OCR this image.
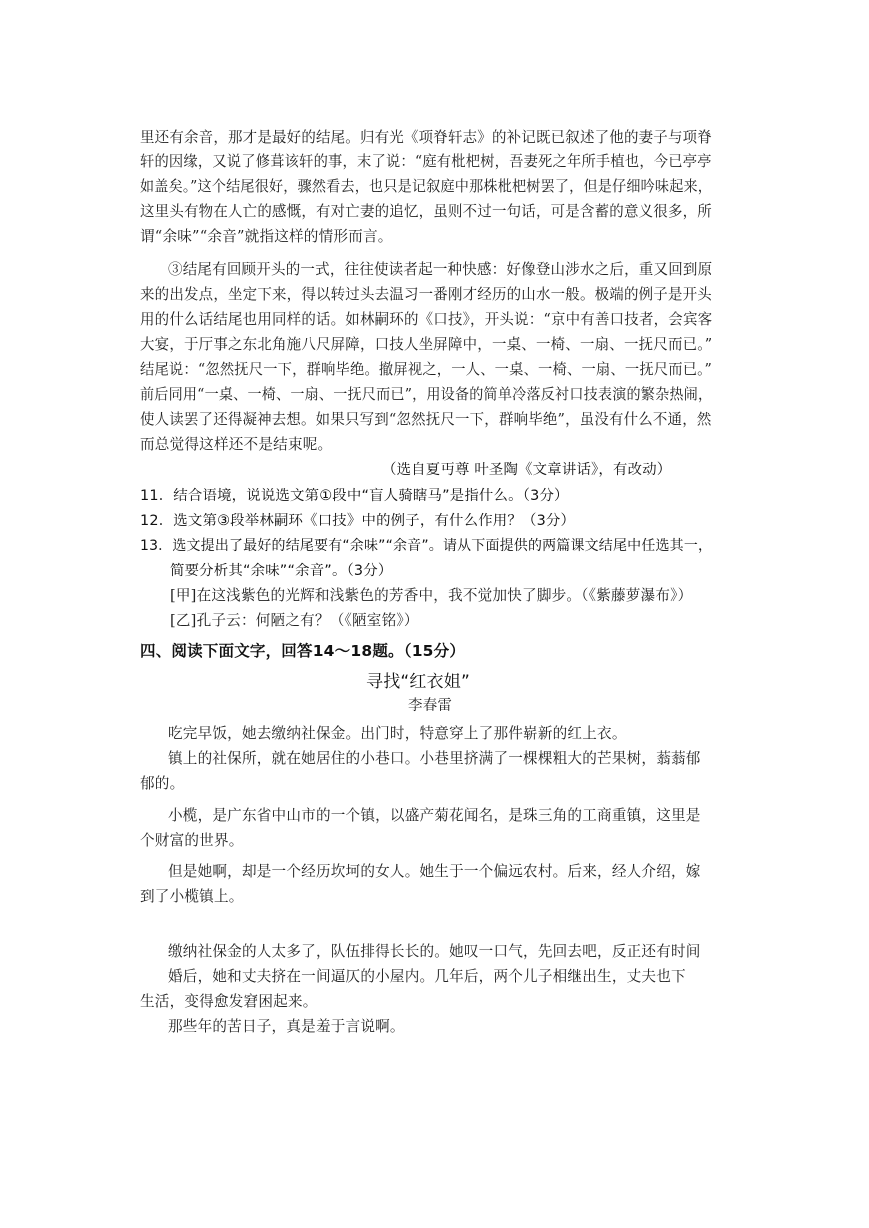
里还有余音，那才是最好的结尾。归有光《项脊轩志》的补记既已叙述了他的妻子与项脊
轩的因缘，又说了修葺该轩的事，末了说：“庭有枇杷树，吾妻死之年所手植也，今已亭亭
如盖矣。”这个结尾很好，骤然看去，也只是记叙庭中那株枇杷树罢了，但是仔细吟味起来，
这里头有物在人亡的感慨，有对亡妻的追忆，虽则不过一句话，可是含蓄的意义很多，所
谓“余味”“余音”就指这样的情形而言。
③结尾有回顾开头的一式，往往使读者起一种快感：好像登山涉水之后，重又回到原
来的出发点，坐定下来，得以转过头去温习一番刚才经历的山水一般。极端的例子是开头
用的什么话结尾也用同样的话。如林嗣环的《口技》，开头说：“京中有善口技者，会宾客
大宴，于厅事之东北角施八尺屏障，口技人坐屏障中，一桌、一椅、一扇、一抚尺而已。”
结尾说：“忽然抚尺一下，群响毕绝。撤屏视之，一人、一桌、一椅、一扇、一抚尺而已。”
前后同用“一桌、一椅、一扇、一抚尺而已”，用设备的简单冷落反衬口技表演的繁杂热闹，
使人读罢了还得凝神去想。如果只写到“忽然抚尺一下，群响毕绝”，虽没有什么不通，然
而总觉得这样还不是结束呢。
（选自夏丏尊 叶圣陶《文章讲话》，有改动）
11．结合语境，说说选文第①段中“盲人骑瞎马”是指什么。（3分）
12．选文第③段举林嗣环《口技》中的例子，有什么作用？（3分）
13．选文提出了最好的结尾要有“余味”“余音”。请从下面提供的两篇课文结尾中任选其一，
简要分析其“余味”“余音”。（3分）
[甲]在这浅紫色的光辉和浅紫色的芳香中，我不觉加快了脚步。（《紫藤萝瀑布》）
[乙]孔子云：何陋之有？（《陋室铭》）
四、阅读下面文字，回答14～18题。（15分）
寻找“红衣姐”
李春雷
吃完早饭，她去缴纳社保金。出门时，特意穿上了那件崭新的红上衣。
镇上的社保所，就在她居住的小巷口。小巷里挤满了一棵棵粗大的芒果树，蓊蓊郁
郁的。
小榄，是广东省中山市的一个镇，以盛产菊花闻名，是珠三角的工商重镇，这里是
个财富的世界。
但是她啊，却是一个经历坎坷的女人。她生于一个偏远农村。后来，经人介绍，嫁
到了小榄镇上。
缴纳社保金的人太多了，队伍排得长长的。她叹一口气，先回去吧，反正还有时间
婚后，她和丈夫挤在一间逼仄的小屋内。几年后，两个儿子相继出生，丈夫也下
生活，变得愈发窘困起来。
那些年的苦日子，真是羞于言说啊。
